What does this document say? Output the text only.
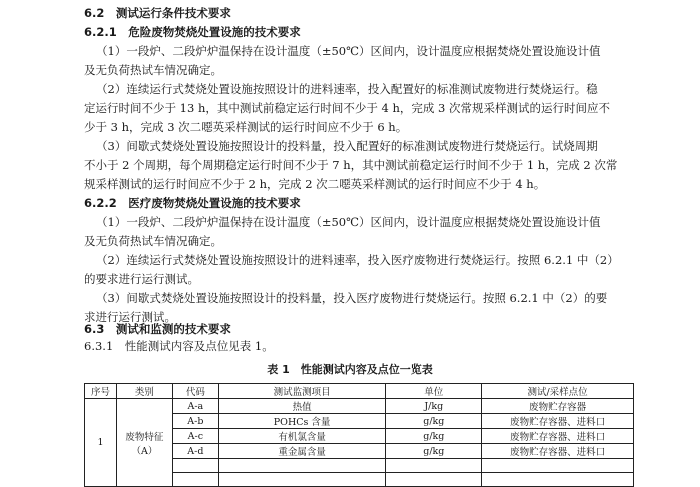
6.2　测试运行条件技术要求
6.2.1　危险废物焚烧处置设施的技术要求
（1）一段炉、二段炉炉温保持在设计温度（±50℃）区间内，设计温度应根据焚烧处置设施设计值
及无负荷热试车情况确定。
（2）连续运行式焚烧处置设施按照设计的进料速率，投入配置好的标准测试废物进行焚烧运行。稳
定运行时间不少于 13 h，其中测试前稳定运行时间不少于 4 h，完成 3 次常规采样测试的运行时间应不
少于 3 h，完成 3 次二噁英采样测试的运行时间应不少于 6 h。
（3）间歇式焚烧处置设施按照设计的投料量，投入配置好的标准测试废物进行焚烧运行。试烧周期
不小于 2 个周期，每个周期稳定运行时间不少于 7 h，其中测试前稳定运行时间不少于 1 h，完成 2 次常
规采样测试的运行时间应不少于 2 h，完成 2 次二噁英采样测试的运行时间应不少于 4 h。
6.2.2　医疗废物焚烧处置设施的技术要求
（1）一段炉、二段炉炉温保持在设计温度（±50℃）区间内，设计温度应根据焚烧处置设施设计值
及无负荷热试车情况确定。
（2）连续运行式焚烧处置设施按照设计的进料速率，投入医疗废物进行焚烧运行。按照 6.2.1 中（2）
的要求进行运行测试。
（3）间歇式焚烧处置设施按照设计的投料量，投入医疗废物进行焚烧运行。按照 6.2.1 中（2）的要
求进行运行测试。
6.3　测试和监测的技术要求
6.3.1　性能测试内容及点位见表 1。
表 1　性能测试内容及点位一览表
序号	类别	代码	测试监测项目	单位	测试/采样点位
1	废物特征（A）	A-a	热值	J/kg	废物贮存容器
		A-b	POHCs 含量	g/kg	废物贮存容器、进料口
		A-c	有机氯含量	g/kg	废物贮存容器、进料口
		A-d	重金属含量	g/kg	废物贮存容器、进料口
